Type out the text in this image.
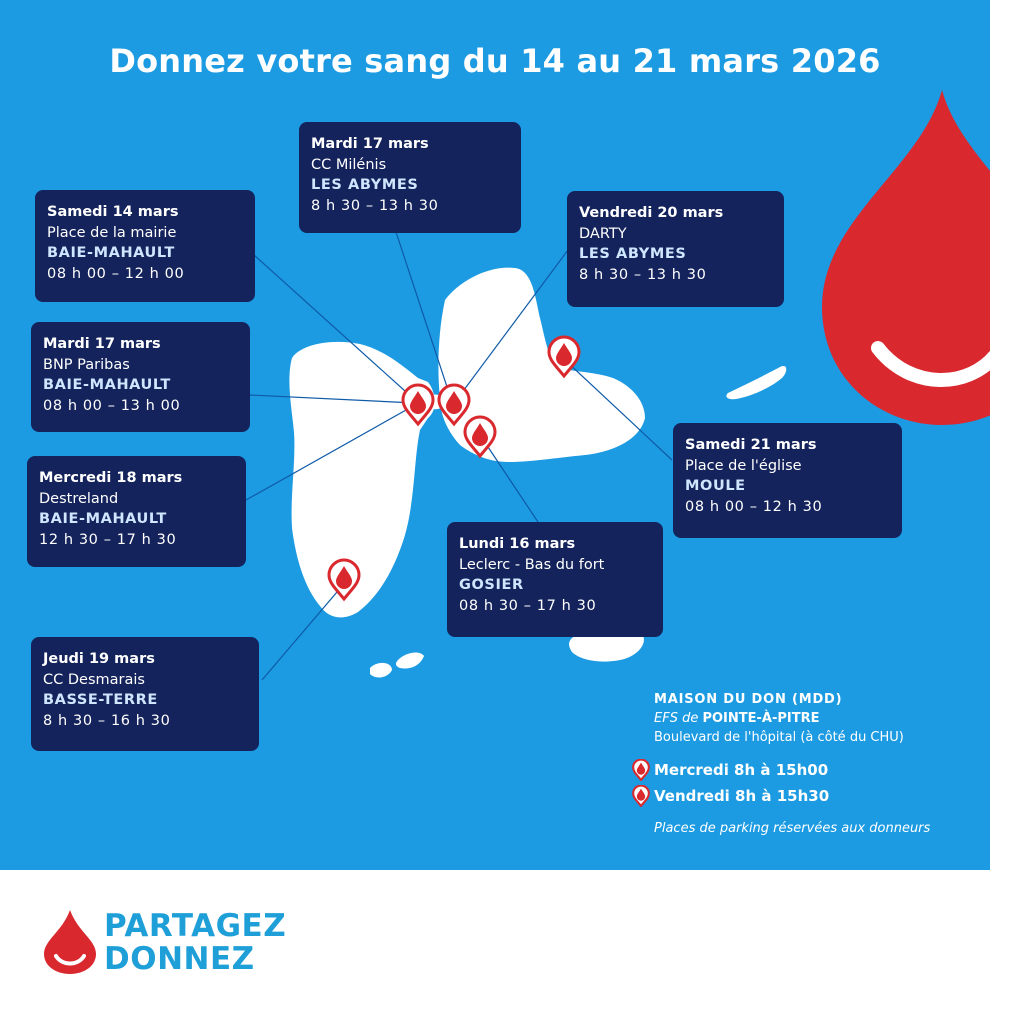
Donnez votre sang du 14 au 21 mars 2026
Samedi 14 mars
Place de la mairie
BAIE-MAHAULT
08 h 00 – 12 h 00
Mardi 17 mars
BNP Paribas
BAIE-MAHAULT
08 h 00 – 13 h 00
Mercredi 18 mars
Destreland
BAIE-MAHAULT
12 h 30 – 17 h 30
Jeudi 19 mars
CC Desmarais
BASSE-TERRE
8 h 30 – 16 h 30
Mardi 17 mars
CC Milénis
LES ABYMES
8 h 30 – 13 h 30	Vendredi 20 mars
DARTY
LES ABYMES
8 h 30 – 13 h 30
Lundi 16 mars
Leclerc - Bas du fort
GOSIER
08 h 30 – 17 h 30
Samedi 21 mars
Place de l'église
MOULE
08 h 00 – 12 h 30
MAISON DU DON (MDD)
EFS de POINTE-À-PITRE
Boulevard de l'hôpital (à côté du CHU)
Mercredi 8h à 15h00
Vendredi 8h à 15h30
Places de parking réservées aux donneurs
PARTAGEZ
DONNEZ
